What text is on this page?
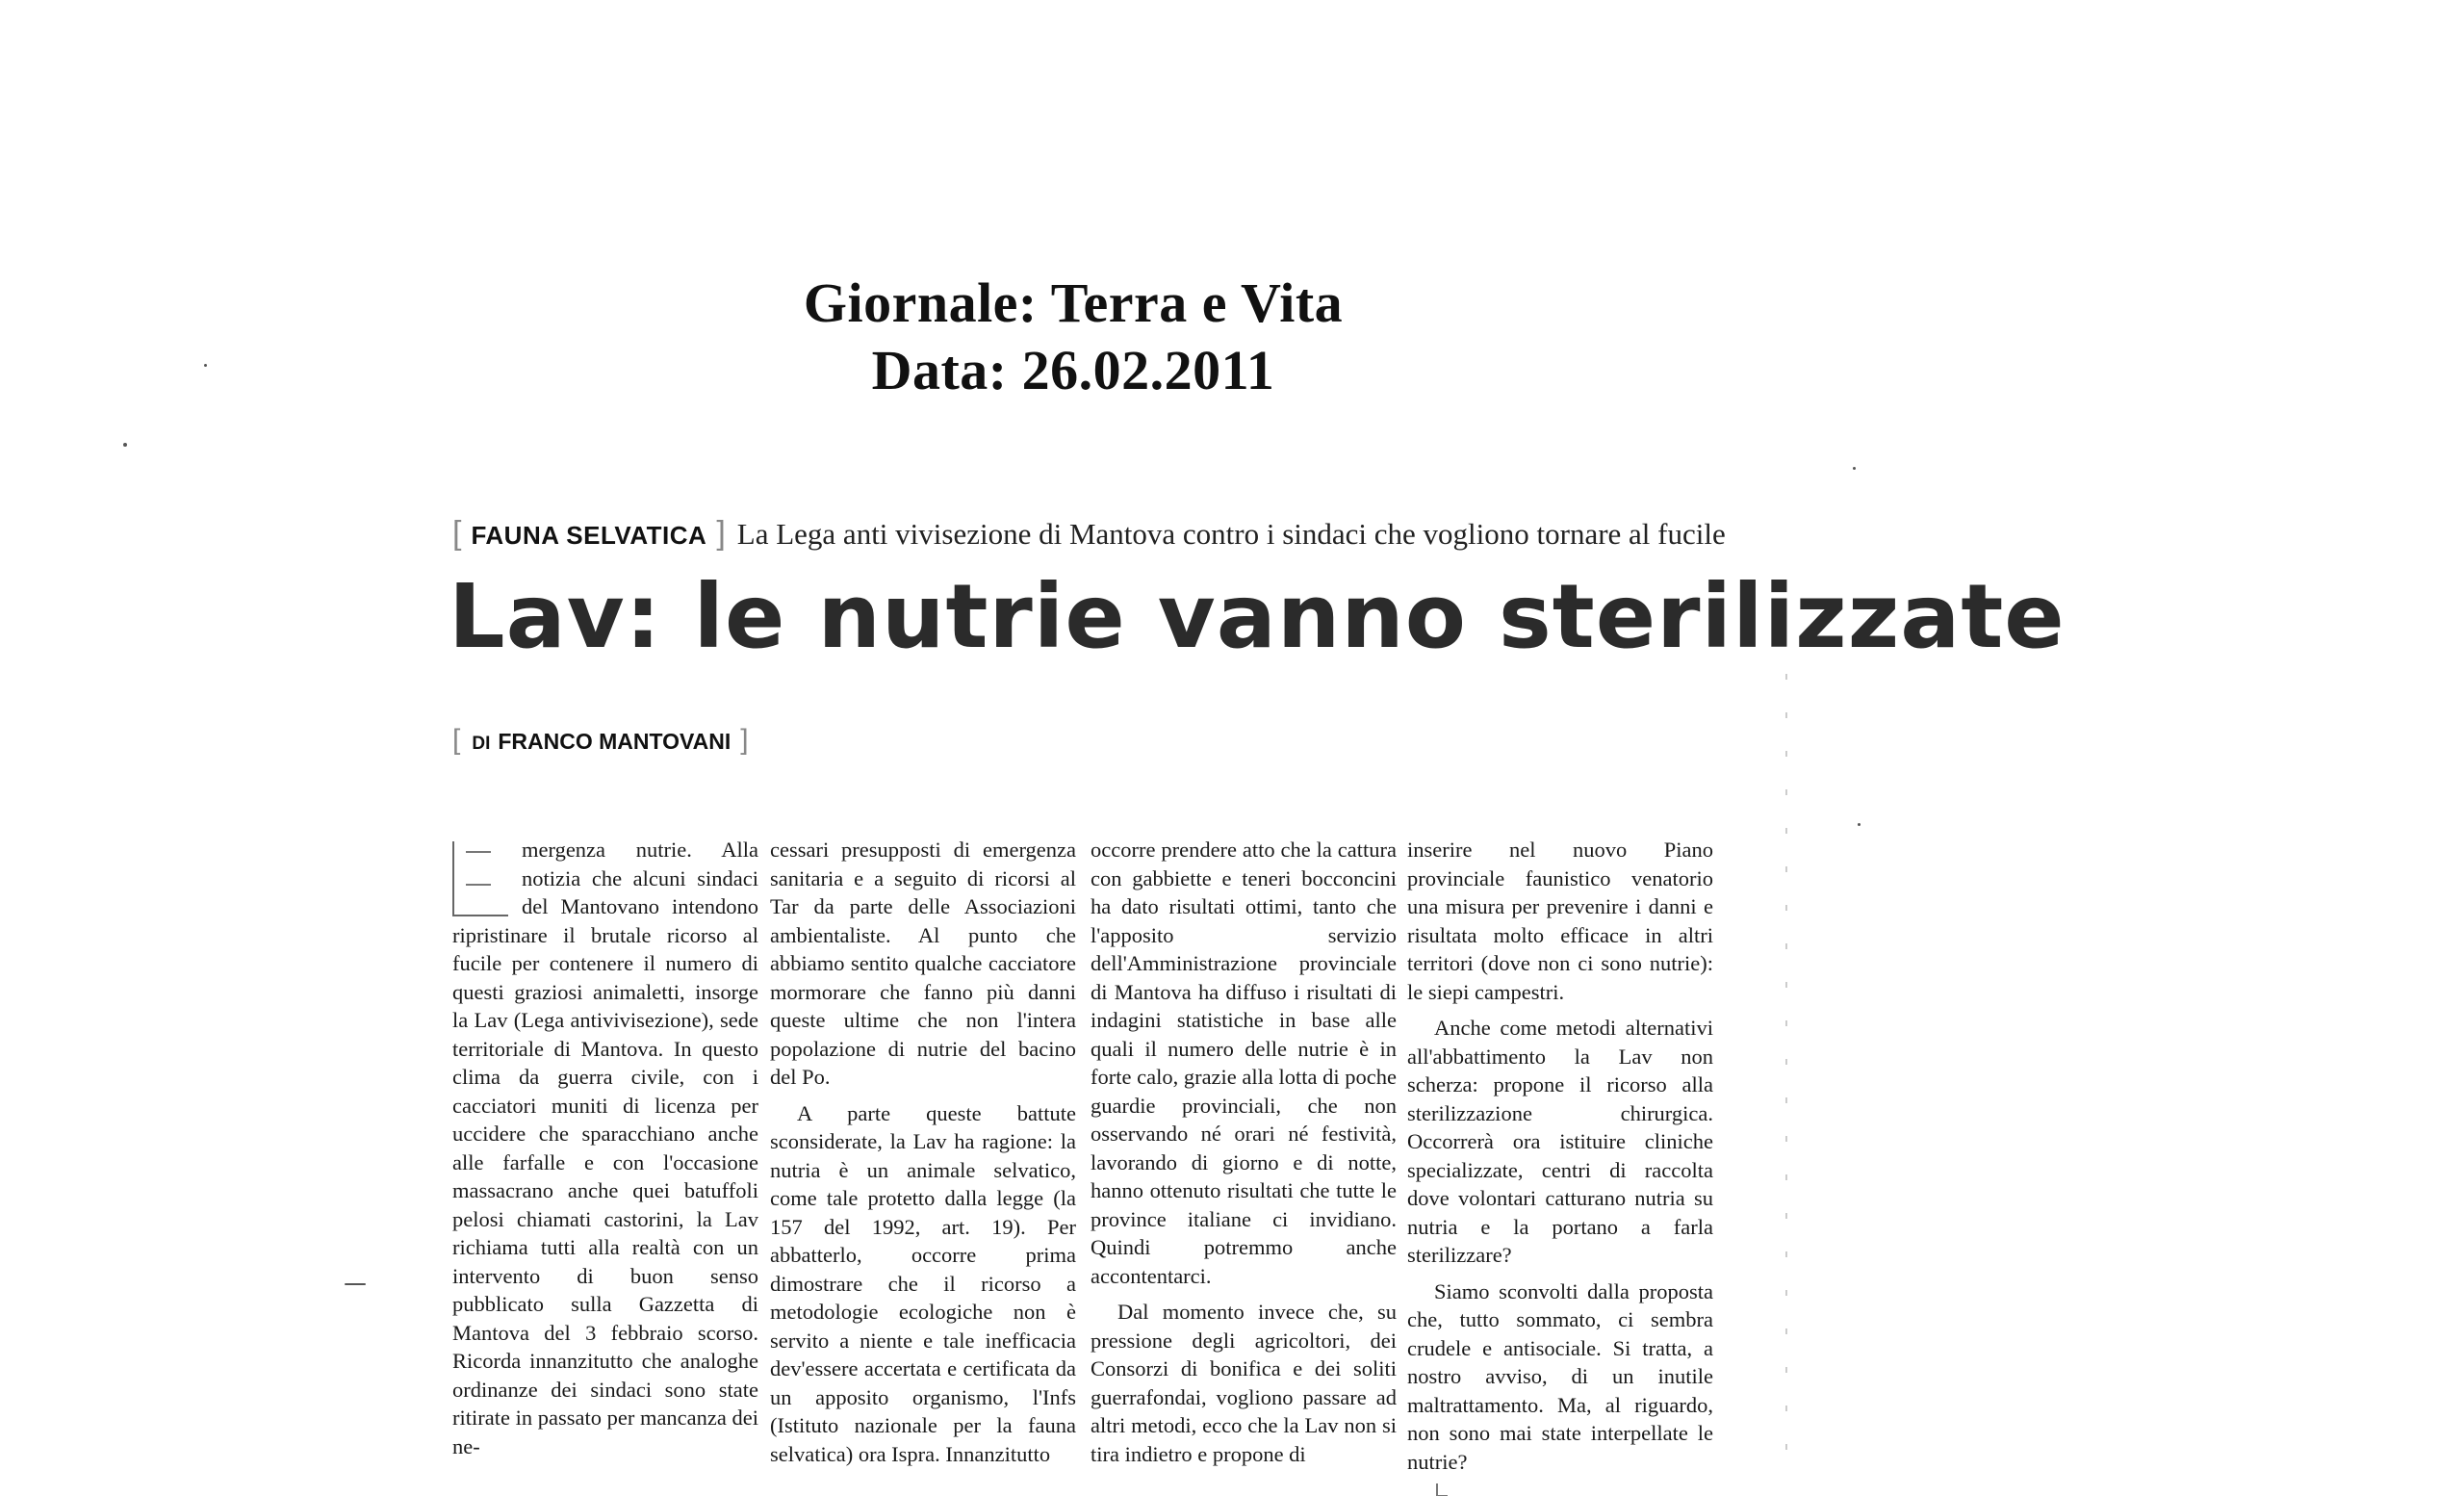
Giornale: Terra e Vita
Data: 26.02.2011
[ FAUNA SELVATICA ] La Lega anti vivisezione di Mantova contro i sindaci che vogliono tornare al fucile
Lav: le nutrie vanno sterilizzate
[ DI FRANCO MANTOVANI ]

mergenza nutrie. Alla notizia che alcuni sindaci del Mantovano intendono ripristinare il brutale ricorso al fucile per contenere il numero di questi graziosi animaletti, insorge la Lav (Lega antivivisezione), sede territoriale di Mantova. In questo clima da guerra civile, con i cacciatori muniti di licenza per uccidere che sparacchiano anche alle farfalle e con l'occasione massacrano anche quei batuffoli pelosi chiamati castorini, la Lav richiama tutti alla realtà con un intervento di buon senso pubblicato sulla Gazzetta di Mantova del 3 febbraio scorso. Ricorda innanzitutto che analoghe ordinanze dei sindaci sono state ritirate in passato per mancanza dei ne-

cessari presupposti di emergenza sanitaria e a seguito di ricorsi al Tar da parte delle Associazioni ambientaliste. Al punto che abbiamo sentito qualche cacciatore mormorare che fanno più danni queste ultime che non l'intera popolazione di nutrie del bacino del Po.

A parte queste battute sconsiderate, la Lav ha ragione: la nutria è un animale selvatico, come tale protetto dalla legge (la 157 del 1992, art. 19). Per abbatterlo, occorre prima dimostrare che il ricorso a metodologie ecologiche non è servito a niente e tale inefficacia dev'essere accertata e certificata da un apposito organismo, l'Infs (Istituto nazionale per la fauna selvatica) ora Ispra. Innanzitutto

occorre prendere atto che la cattura con gabbiette e teneri bocconcini ha dato risultati ottimi, tanto che l'apposito servizio dell'Amministrazione provinciale di Mantova ha diffuso i risultati di indagini statistiche in base alle quali il numero delle nutrie è in forte calo, grazie alla lotta di poche guardie provinciali, che non osservando né orari né festività, lavorando di giorno e di notte, hanno ottenuto risultati che tutte le province italiane ci invidiano. Quindi potremmo anche accontentarci.

Dal momento invece che, su pressione degli agricoltori, dei Consorzi di bonifica e dei soliti guerrafondai, vogliono passare ad altri metodi, ecco che la Lav non si tira indietro e propone di

inserire nel nuovo Piano provinciale faunistico venatorio una misura per prevenire i danni e risultata molto efficace in altri territori (dove non ci sono nutrie): le siepi campestri.

Anche come metodi alternativi all'abbattimento la Lav non scherza: propone il ricorso alla sterilizzazione chirurgica. Occorrerà ora istituire cliniche specializzate, centri di raccolta dove volontari catturano nutria su nutria e la portano a farla sterilizzare?

Siamo sconvolti dalla proposta che, tutto sommato, ci sembra crudele e antisociale. Si tratta, a nostro avviso, di un inutile maltrattamento. Ma, al riguardo, non sono mai state interpellate le nutrie?
